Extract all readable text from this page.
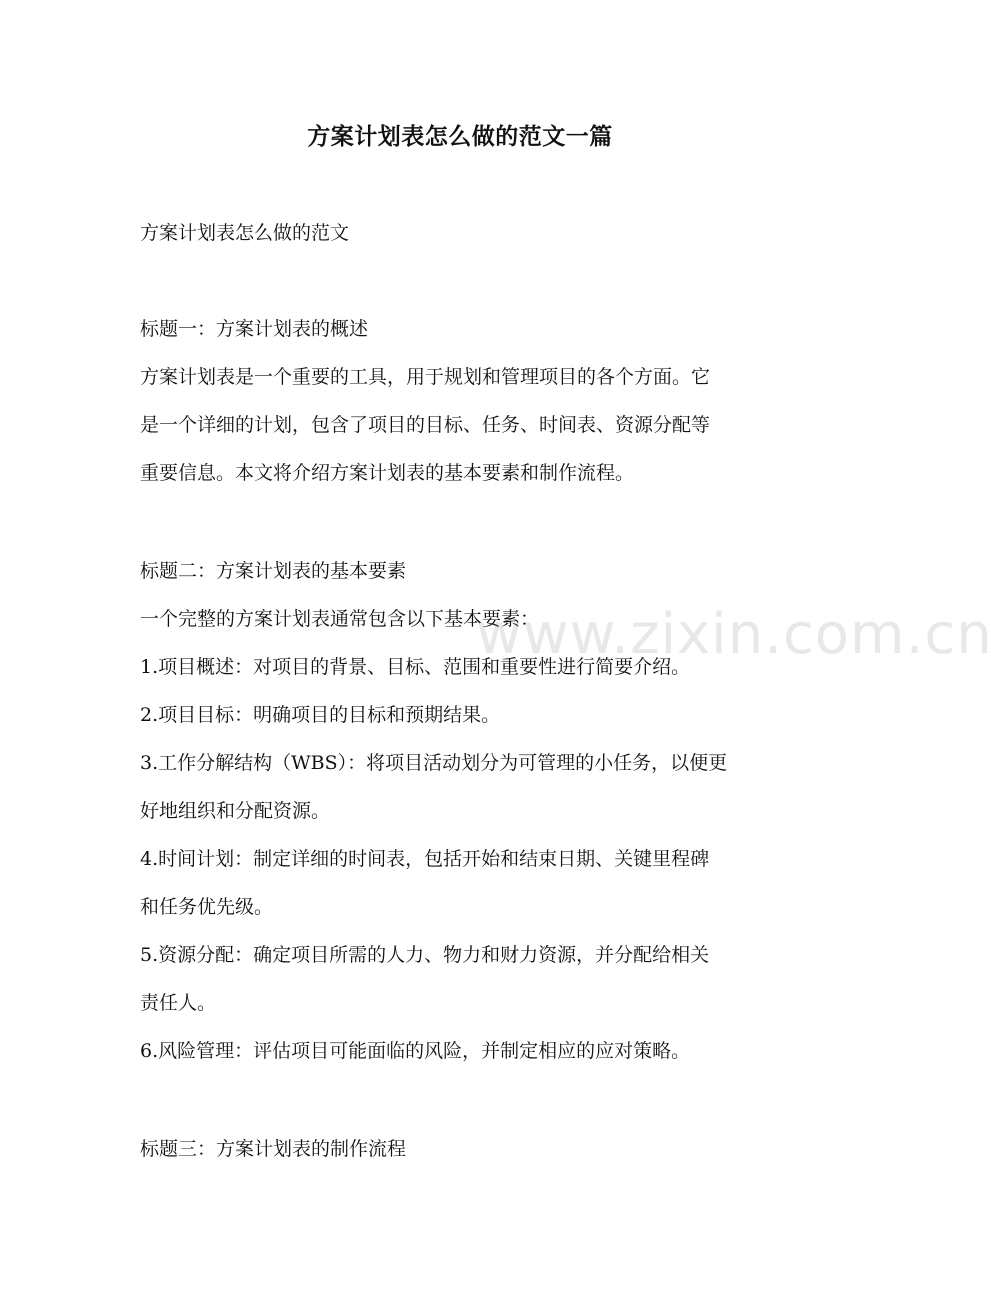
方案计划表怎么做的范文一篇
方案计划表怎么做的范文
标题一：方案计划表的概述
方案计划表是一个重要的工具，用于规划和管理项目的各个方面。它
是一个详细的计划，包含了项目的目标、任务、时间表、资源分配等
重要信息。本文将介绍方案计划表的基本要素和制作流程。
标题二：方案计划表的基本要素
一个完整的方案计划表通常包含以下基本要素：
1.项目概述：对项目的背景、目标、范围和重要性进行简要介绍。
2.项目目标：明确项目的目标和预期结果。
3.工作分解结构（WBS）：将项目活动划分为可管理的小任务，以便更
好地组织和分配资源。
4.时间计划：制定详细的时间表，包括开始和结束日期、关键里程碑
和任务优先级。
5.资源分配：确定项目所需的人力、物力和财力资源，并分配给相关
责任人。
6.风险管理：评估项目可能面临的风险，并制定相应的应对策略。
标题三：方案计划表的制作流程
www.zixin.com.cn
